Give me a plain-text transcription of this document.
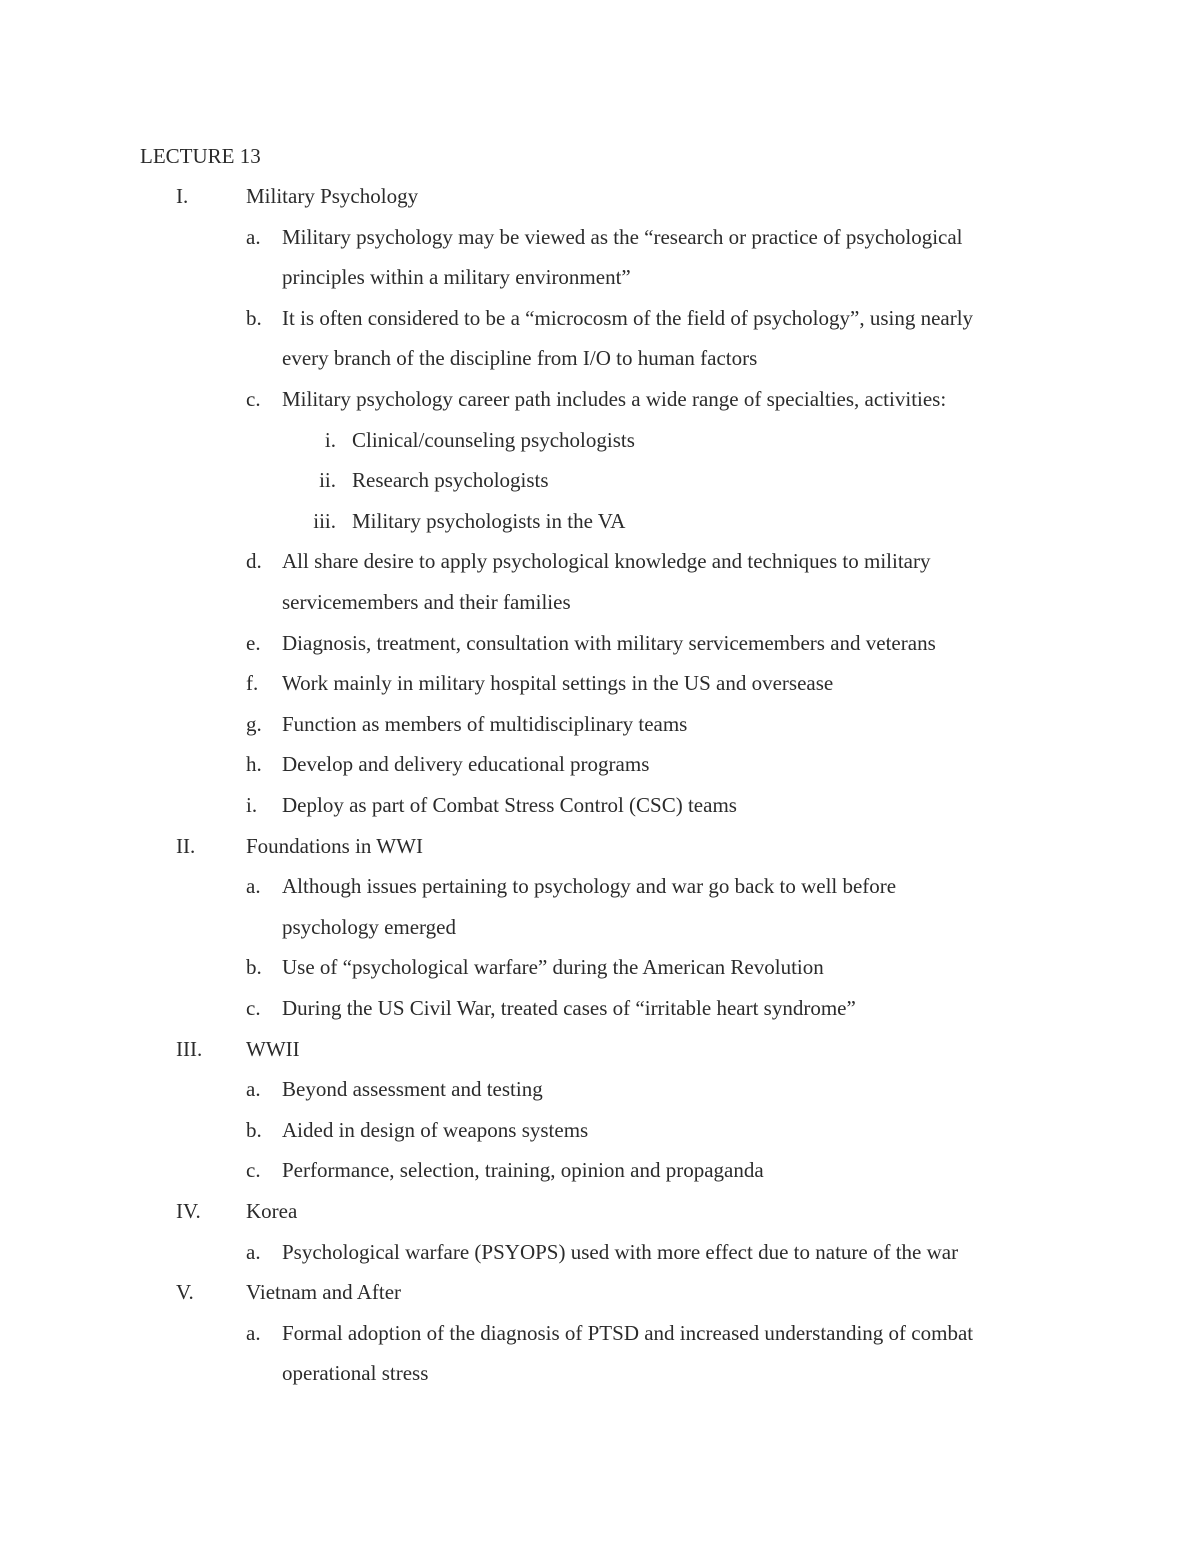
LECTURE 13
I.	Military Psychology
a. Military psychology may be viewed as the “research or practice of psychological
principles within a military environment”
b. It is often considered to be a “microcosm of the field of psychology”, using nearly
every branch of the discipline from I/O to human factors
c. Military psychology career path includes a wide range of specialties, activities:
i. Clinical/counseling psychologists
ii. Research psychologists
iii. Military psychologists in the VA
d. All share desire to apply psychological knowledge and techniques to military
servicemembers and their families
e. Diagnosis, treatment, consultation with military servicemembers and veterans
f. Work mainly in military hospital settings in the US and oversease
g. Function as members of multidisciplinary teams
h. Develop and delivery educational programs
i. Deploy as part of Combat Stress Control (CSC) teams
II. Foundations in WWI
a. Although issues pertaining to psychology and war go back to well before
psychology emerged
b. Use of “psychological warfare” during the American Revolution
c. During the US Civil War, treated cases of “irritable heart syndrome”
III. WWII
a. Beyond assessment and testing
b. Aided in design of weapons systems
c. Performance, selection, training, opinion and propaganda
IV. Korea
a. Psychological warfare (PSYOPS) used with more effect due to nature of the war
V. Vietnam and After
a. Formal adoption of the diagnosis of PTSD and increased understanding of combat
operational stress
